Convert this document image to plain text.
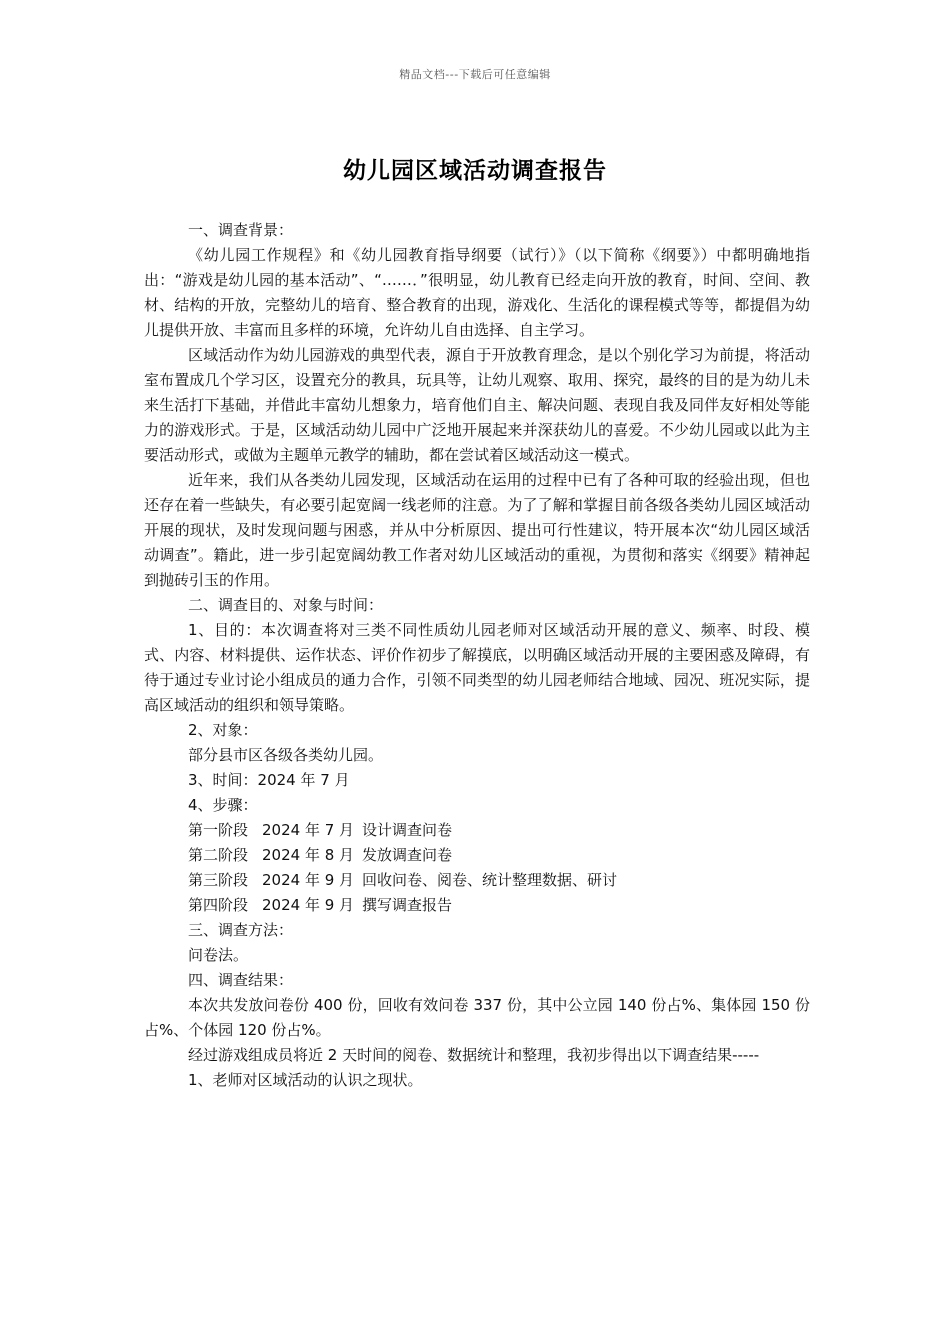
精品文档---下载后可任意编辑
幼儿园区域活动调查报告

一、调查背景：

《幼儿园工作规程》和《幼儿园教育指导纲要（试行）》（以下简称《纲要》）中都明确地指出：“游戏是幼儿园的基本活动”、“……．”很明显，幼儿教育已经走向开放的教育，时间、空间、教材、结构的开放，完整幼儿的培育、整合教育的出现，游戏化、生活化的课程模式等等，都提倡为幼儿提供开放、丰富而且多样的环境，允许幼儿自由选择、自主学习。

区域活动作为幼儿园游戏的典型代表，源自于开放教育理念，是以个别化学习为前提，将活动室布置成几个学习区，设置充分的教具，玩具等，让幼儿观察、取用、探究，最终的目的是为幼儿未来生活打下基础，并借此丰富幼儿想象力，培育他们自主、解决问题、表现自我及同伴友好相处等能力的游戏形式。于是，区域活动幼儿园中广泛地开展起来并深获幼儿的喜爱。不少幼儿园或以此为主要活动形式，或做为主题单元教学的辅助，都在尝试着区域活动这一模式。

近年来，我们从各类幼儿园发现，区域活动在运用的过程中已有了各种可取的经验出现，但也还存在着一些缺失，有必要引起宽阔一线老师的注意。为了了解和掌握目前各级各类幼儿园区域活动开展的现状，及时发现问题与困惑，并从中分析原因、提出可行性建议，特开展本次“幼儿园区域活动调查”。籍此，进一步引起宽阔幼教工作者对幼儿区域活动的重视，为贯彻和落实《纲要》精神起到抛砖引玉的作用。

二、调查目的、对象与时间：

1、目的：本次调查将对三类不同性质幼儿园老师对区域活动开展的意义、频率、时段、模式、内容、材料提供、运作状态、评价作初步了解摸底，以明确区域活动开展的主要困惑及障碍，有待于通过专业讨论小组成员的通力合作，引领不同类型的幼儿园老师结合地域、园况、班况实际，提高区域活动的组织和领导策略。

2、对象：

部分县市区各级各类幼儿园。

3、时间：2024 年 7 月

4、步骤：

第一阶段 2024 年 7 月 设计调查问卷

第二阶段 2024 年 8 月 发放调查问卷

第三阶段 2024 年 9 月 回收问卷、阅卷、统计整理数据、研讨

第四阶段 2024 年 9 月 撰写调查报告

三、调查方法：

问卷法。

四、调查结果：

本次共发放问卷份 400 份，回收有效问卷 337 份，其中公立园 140 份占%、集体园 150 份占%、个体园 120 份占%。

经过游戏组成员将近 2 天时间的阅卷、数据统计和整理，我初步得出以下调查结果-----

1、老师对区域活动的认识之现状。
